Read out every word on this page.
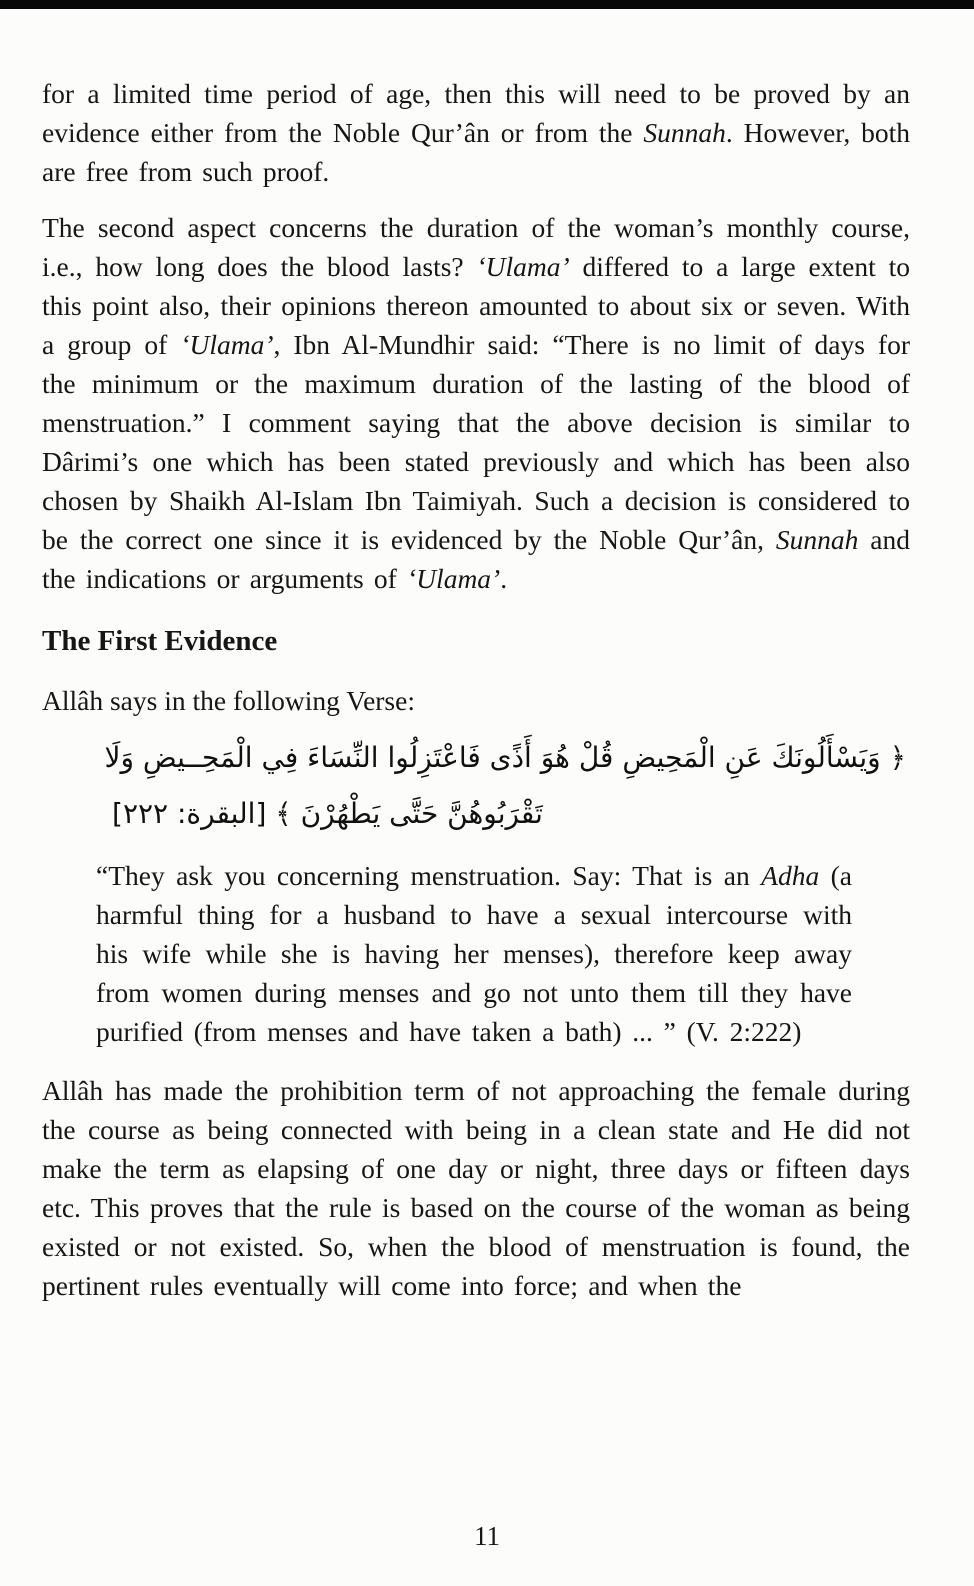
for a limited time period of age, then this will need to be proved by an evidence either from the Noble Qur’ân or from the Sunnah. However, both are free from such proof.

The second aspect concerns the duration of the woman’s monthly course, i.e., how long does the blood lasts? ‘Ulama’ differed to a large extent to this point also, their opinions thereon amounted to about six or seven. With a group of ‘Ulama’, Ibn Al-Mundhir said: “There is no limit of days for the minimum or the maximum duration of the lasting of the blood of menstruation.” I comment saying that the above decision is similar to Dârimi’s one which has been stated previously and which has been also chosen by Shaikh Al-Islam Ibn Taimiyah. Such a decision is considered to be the correct one since it is evidenced by the Noble Qur’ân, Sunnah and the indications or arguments of ‘Ulama’.

The First Evidence

Allâh says in the following Verse:

﴿ وَيَسْأَلُونَكَ عَنِ الْمَحِيضِ قُلْ هُوَ أَذًى فَاعْتَزِلُوا النِّسَاءَ فِي الْمَحِــيضِ وَلَا
تَقْرَبُوهُنَّ حَتَّى يَطْهُرْنَ ﴾ [البقرة: ٢٢٢]
“They ask you concerning menstruation. Say: That is an Adha (a harmful thing for a husband to have a sexual intercourse with his wife while she is having her menses), therefore keep away from women during menses and go not unto them till they have purified (from menses and have taken a bath) ... ” (V. 2:222)

Allâh has made the prohibition term of not approaching the female during the course as being connected with being in a clean state and He did not make the term as elapsing of one day or night, three days or fifteen days etc. This proves that the rule is based on the course of the woman as being existed or not existed. So, when the blood of menstruation is found, the pertinent rules eventually will come into force; and when the

11
